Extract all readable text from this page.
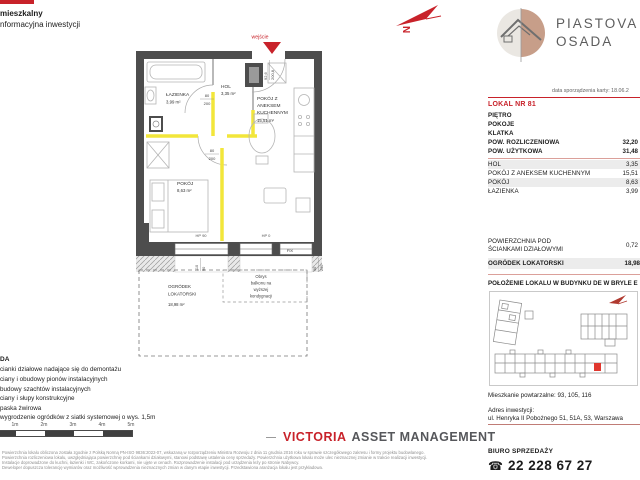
mieszkalny
nformacyjna inwestycji
N	PIASTOVA
OSADA
wejście
ŁAZIENKA
3,99 m²
HOL
3,35 m²
POKÓJ Z
ANEKSEM
KUCHENNYM
15,51 m²
POKÓJ
8,63 m²
92,6 200,8
80
200
80
200
110 90	90 230
HP 90	HP 0
FIX
OGRÓDEK
LOKATORSKI
18,98 m²
Obrys
balkonu na
wyższej
kondygnacji
data sporządzenia karty: 18.06.2
LOKAL NR 81
PIĘTRO
POKOJE
KLATKA
POW. ROZLICZENIOWA	32,20
POW. UŻYTKOWA	31,48
HOL	3,35
POKÓJ Z ANEKSEM KUCHENNYM	15,51
POKÓJ	8,63
ŁAZIENKA	3,99
POWIERZCHNIA POD
ŚCIANKAMI DZIAŁOWYMI
0,72
OGRÓDEK LOKATORSKI	18,98
POŁOŻENIE LOKALU W BUDYNKU DE W BRYLE E
Mieszkanie powtarzalne: 93, 105, 116
Adres inwestycji:
ul. Henryka II Pobożnego 51, 51A, 53, Warszawa
BIURO SPRZEDAŻY
☎ 22 228 67 27
DA
cianki działowe nadające się do demontażu
ciany i obudowy pionów instalacyjnych
budowy szachtów instalacyjnych
ciany i słupy konstrukcyjne
paska żwirowa
wygrodzenie ogródków z siatki systemowej o wys. 1,5m
1m	2m	3m	4m	5m
VICTORIA ASSET MANAGEMENT
Powierzchnia lokalu obliczona została zgodnie z Polską Normą PN-ISO 9836:2022-07, wskazaną w rozporządzeniu Ministra Rozwoju z dnia 11 grudnia 2016 roku w sprawie szczegółowego zakresu i formy projektu budowlanego.
Powierzchnia rozliczeniowa lokalu, uwzględniająca powierzchnię pod ściankami działowymi, stanowi podstawę ustalenia ceny sprzedaży. Powierzchnia użytkowa lokalu może ulec nieznacznej zmianie w trakcie realizacji inwestycji.
Instalacje doprowadzone do kuchni, łazienki i WC, zakończone korkami, nie ujęte w cenach. Rozprowadzenie instalacji pod urządzenia leży po stronie Nabywcy.
Deweloper dopuszcza tolerancję wymiarów oraz możliwość wprowadzenia nieznacznych zmian w danym etapie inwestycji. Przedstawiona aranżacja lokalu jest przykładowa.
